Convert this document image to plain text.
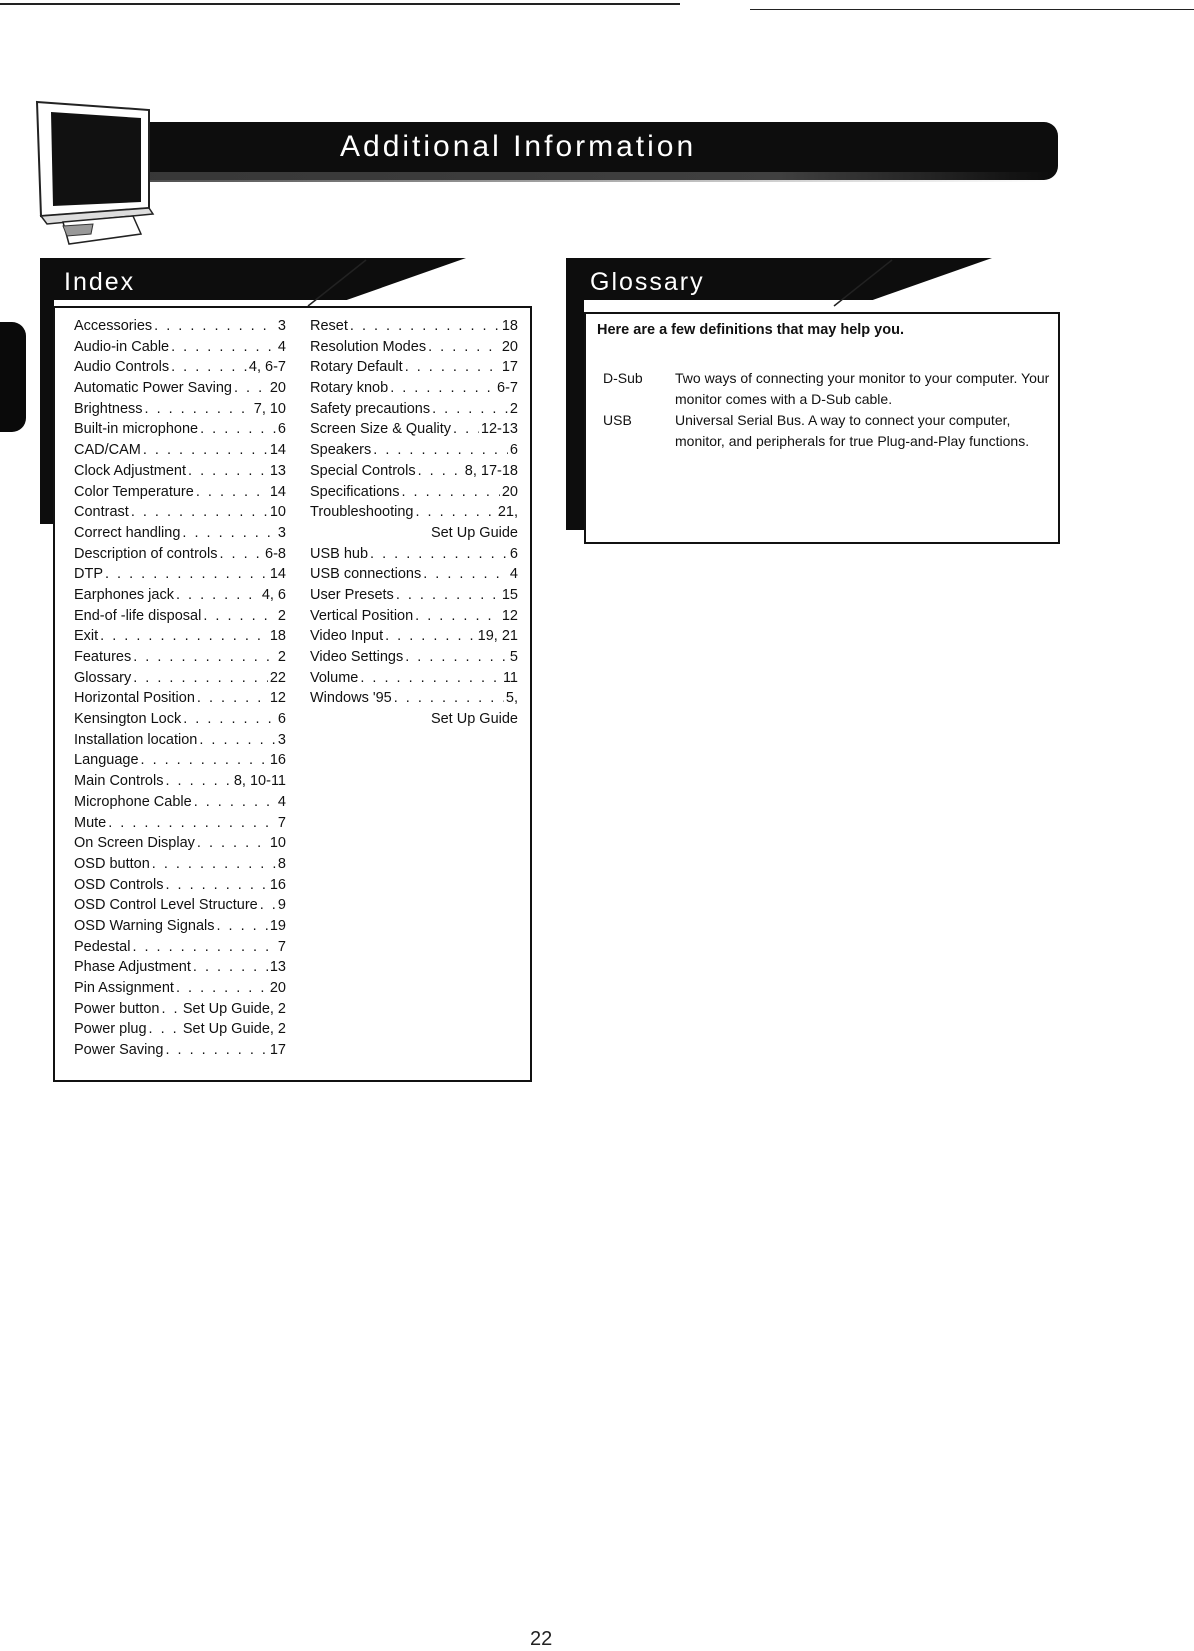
Additional Information
Index
Accessories . . .	3
Audio-in Cable . . .	4
Audio Controls . . .	4, 6-7
Automatic Power Saving . . .	20
Brightness . . .	7, 10
Built-in microphone . . .	6
CAD/CAM . . .	14
Clock Adjustment . . .	13
Color Temperature . . .	14
Contrast . . .	10
Correct handling . . .	3
Description of controls . . .	6-8
DTP . . .	14
Earphones jack . . .	4, 6
End-of -life disposal . . .	2
Exit . . .	18
Features . . .	2
Glossary . . .	22
Horizontal Position . . .	12
Kensington Lock . . .	6
Installation location . . .	3
Language . . .	16
Main Controls . . .	8, 10-11
Microphone Cable . . .	4
Mute . . .	7
On Screen Display . . .	10
OSD button . . .	8
OSD Controls . . .	16
OSD Control Level Structure . . . 9
OSD Warning Signals . . .	19
Pedestal . . .	7
Phase Adjustment . . .	13
Pin Assignment . . .	20
Power button . . . Set Up Guide, 2
Power plug . . .	Set Up Guide, 2
Power Saving . . .	17
Reset . . .	18
Resolution Modes . . .	20
Rotary Default . . .	17
Rotary knob . . .	6-7
Safety precautions . . .	2
Screen Size & Quality . . . 12-13
Speakers . . .	6
Special Controls . . .	8, 17-18
Specifications . . .	20
Troubleshooting . . .	21,
Set Up Guide
USB hub . . .	6
USB connections . . .	4
User Presets . . .	15
Vertical Position . . .	12
Video Input . . .	19, 21
Video Settings . . .	5
Volume . . .	11
Windows '95 . . .	5,
Set Up Guide
Glossary
Here are a few definitions that may help you.
D-Sub Two ways of connecting your monitor to your computer. Your monitor comes with a D-Sub cable.
USB	Universal Serial Bus. A way to connect your computer, monitor, and peripherals for true Plug-and-Play functions.
22
